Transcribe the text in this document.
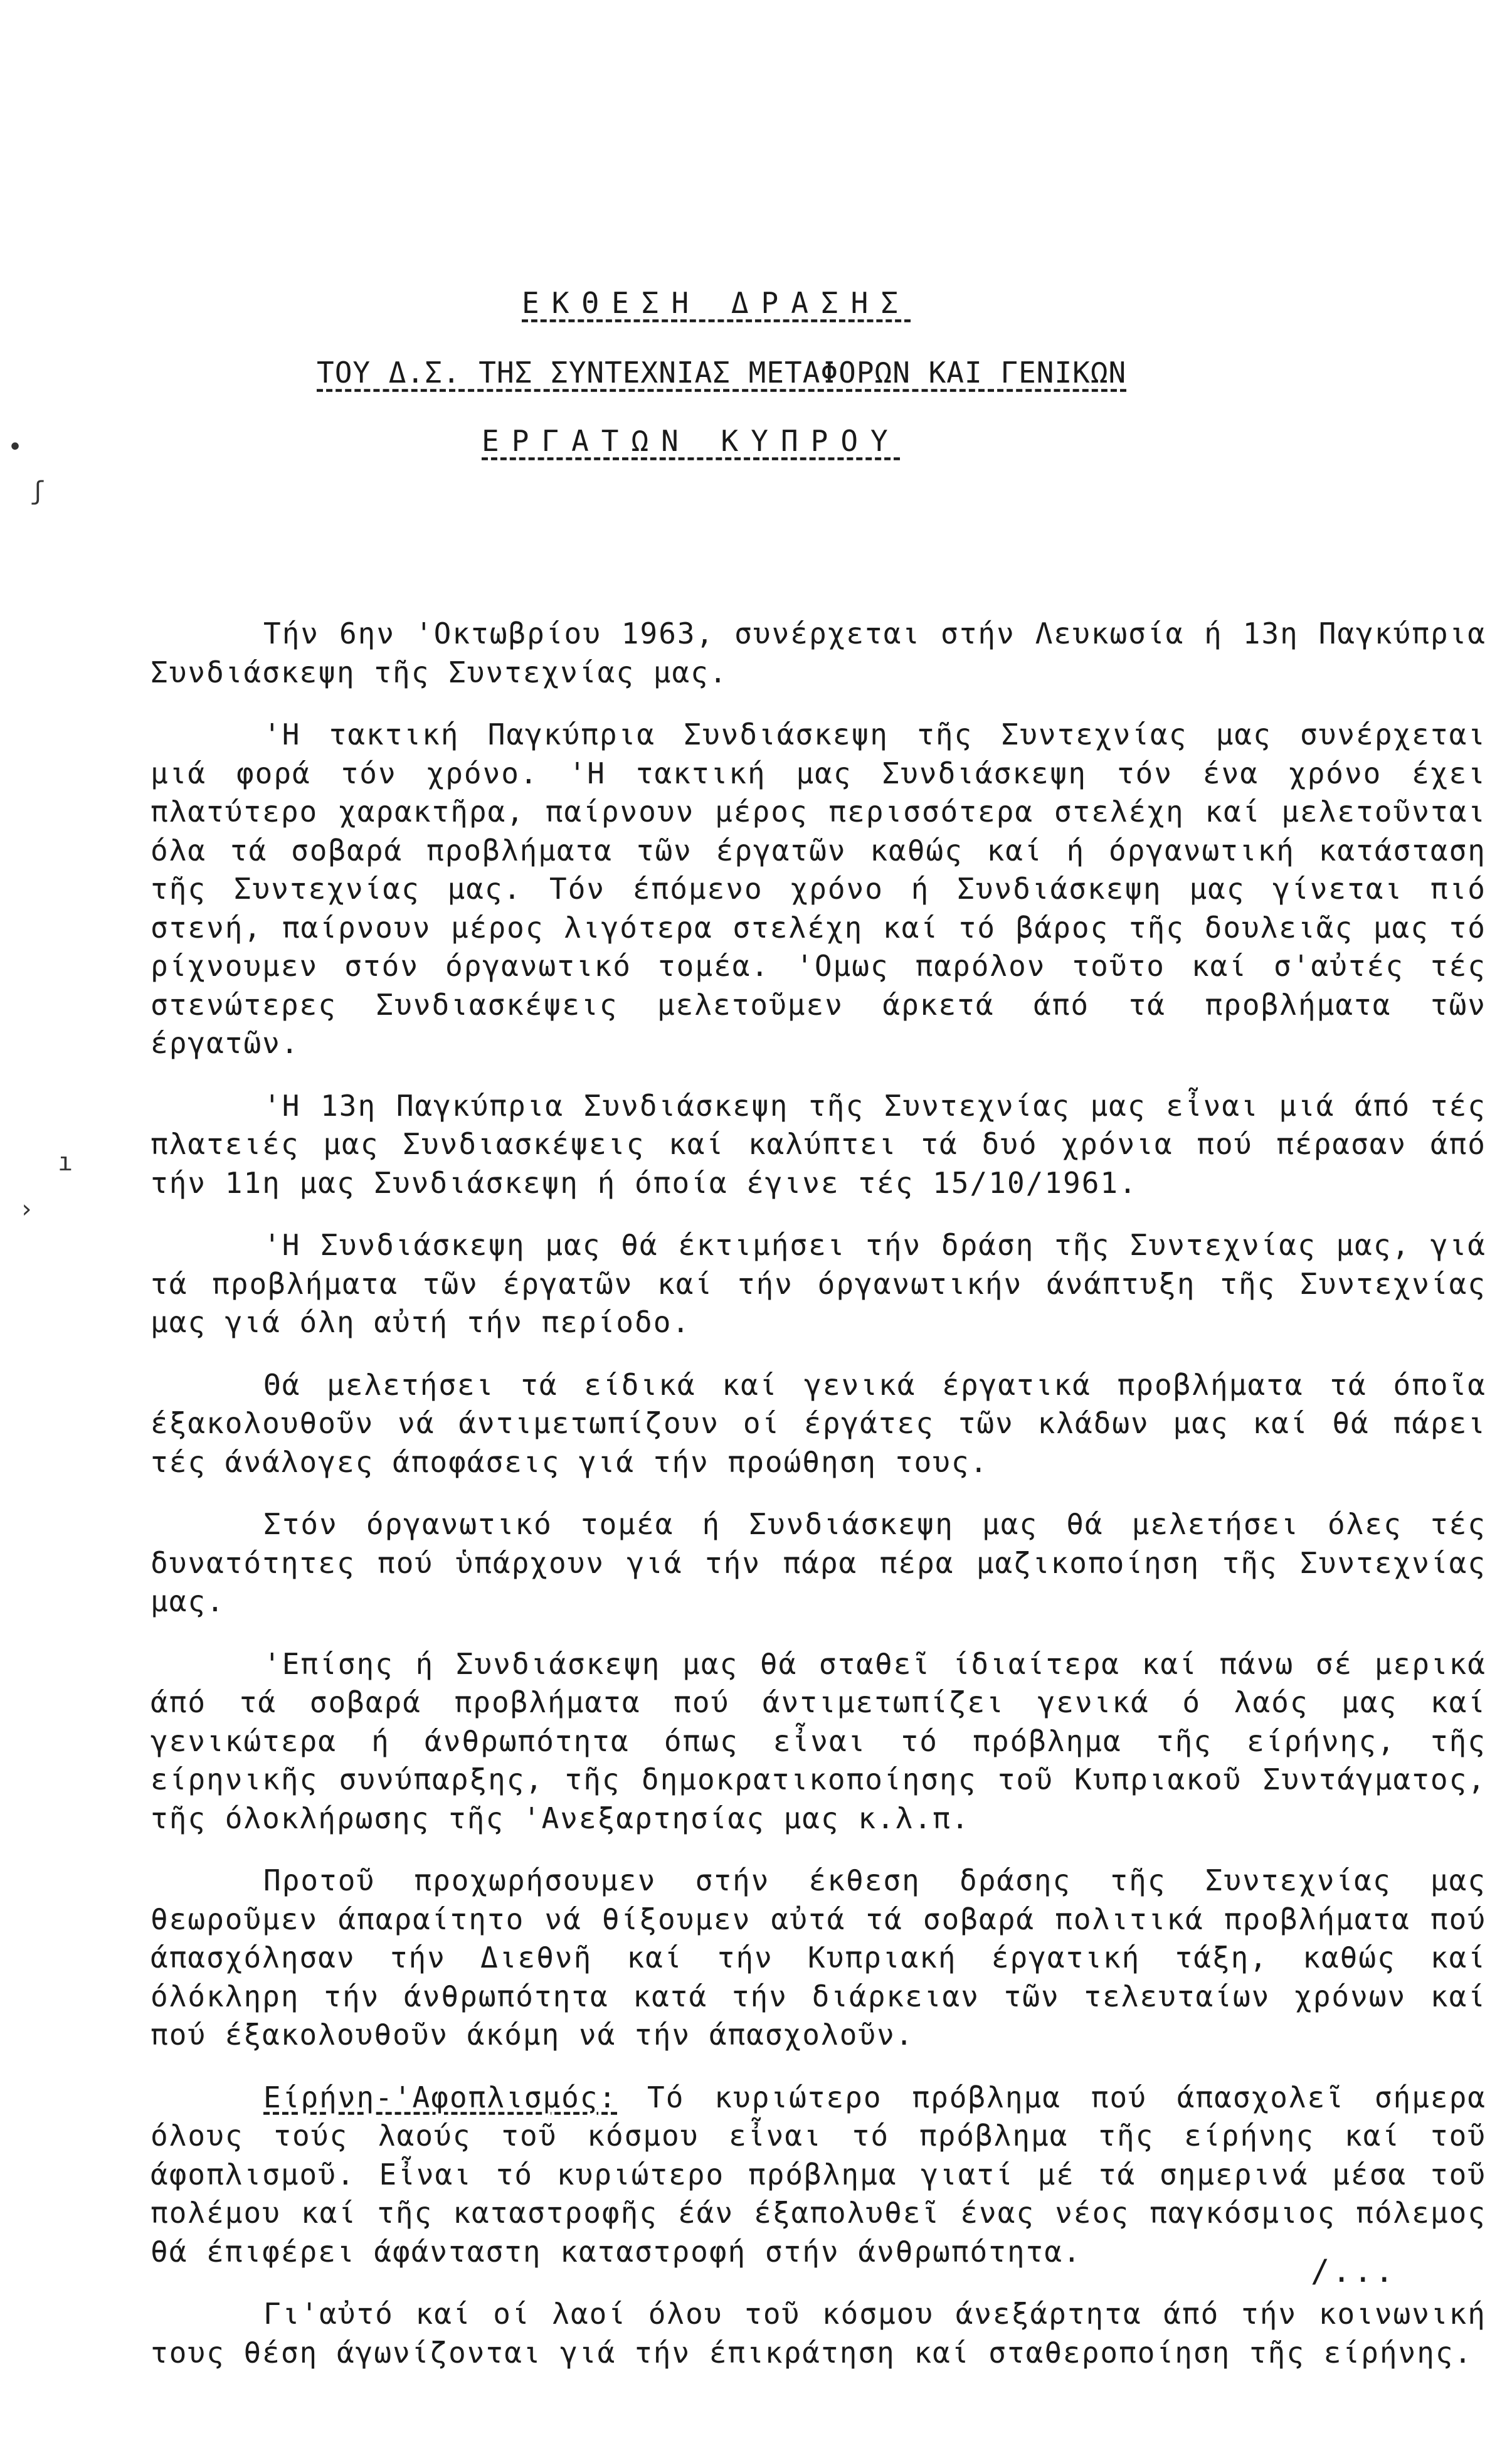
•
ʃ
ı
›
ΕΚΘΕΣΗ ΔΡΑΣΗΣ
ΤΟΥ Δ.Σ. ΤΗΣ ΣΥΝΤΕΧΝΙΑΣ ΜΕΤΑΦΟΡΩΝ ΚΑΙ ΓΕΝΙΚΩΝ
ΕΡΓΑΤΩΝ ΚΥΠΡΟΥ

Τήν 6ην 'Οκτωβρίου 1963, συνέρχεται στήν Λευκωσία ή 13η Παγκύπρια Συνδιάσκεψη τῆς Συντεχνίας μας.

'Η τακτική Παγκύπρια Συνδιάσκεψη τῆς Συντεχνίας μας συνέρχεται μιά φορά τόν χρόνο. 'Η τακτική μας Συνδιάσκεψη τόν ένα χρόνο έχει πλατύτερο χαρακτῆρα, παίρνουν μέρος περισσότερα στελέχη καί μελετοῦνται όλα τά σοβαρά προβλήματα τῶν έργατῶν καθώς καί ή όργανωτική κατάσταση τῆς Συντεχνίας μας. Τόν έπόμενο χρόνο ή Συνδιάσκεψη μας γίνεται πιό στενή, παίρνουν μέρος λιγότερα στελέχη καί τό βάρος τῆς δουλειᾶς μας τό ρίχνουμεν στόν όργανωτικό τομέα. 'Ομως παρόλον τοῦτο καί σ'αὐτές τές στενώτερες Συνδιασκέψεις μελετοῦμεν άρκετά άπό τά προβλήματα τῶν έργατῶν.

'Η 13η Παγκύπρια Συνδιάσκεψη τῆς Συντεχνίας μας εἶναι μιά άπό τές πλατειές μας Συνδιασκέψεις καί καλύπτει τά δυό χρόνια πού πέρασαν άπό τήν 11η μας Συνδιάσκεψη ή όποία έγινε τές 15/10/1961.

'Η Συνδιάσκεψη μας θά έκτιμήσει τήν δράση τῆς Συντεχνίας μας, γιά τά προβλήματα τῶν έργατῶν καί τήν όργανωτικήν άνάπτυξη τῆς Συντεχνίας μας γιά όλη αὐτή τήν περίοδο.

Θά μελετήσει τά είδικά καί γενικά έργατικά προβλήματα τά όποῖα έξακολουθοῦν νά άντιμετωπίζουν οί έργάτες τῶν κλάδων μας καί θά πάρει τές άνάλογες άποφάσεις γιά τήν προώθηση τους.

Στόν όργανωτικό τομέα ή Συνδιάσκεψη μας θά μελετήσει όλες τές δυνατότητες πού ὑπάρχουν γιά τήν πάρα πέρα μαζικοποίηση τῆς Συντεχνίας μας.

'Επίσης ή Συνδιάσκεψη μας θά σταθεῖ ίδιαίτερα καί πάνω σέ μερικά άπό τά σοβαρά προβλήματα πού άντιμετωπίζει γενικά ό λαός μας καί γενικώτερα ή άνθρωπότητα όπως εἶναι τό πρόβλημα τῆς είρήνης, τῆς είρηνικῆς συνύπαρξης, τῆς δημοκρατικοποίησης τοῦ Κυπριακοῦ Συντάγματος, τῆς όλοκλήρωσης τῆς 'Ανεξαρτησίας μας κ.λ.π.

Προτοῦ προχωρήσουμεν στήν έκθεση δράσης τῆς Συντεχνίας μας θεωροῦμεν άπαραίτητο νά θίξουμεν αὐτά τά σοβαρά πολιτικά προβλήματα πού άπασχόλησαν τήν Διεθνῆ καί τήν Κυπριακή έργατική τάξη, καθώς καί όλόκληρη τήν άνθρωπότητα κατά τήν διάρκειαν τῶν τελευταίων χρόνων καί πού έξακολουθοῦν άκόμη νά τήν άπασχολοῦν.

Είρήνη-'Αφοπλισμός: Τό κυριώτερο πρόβλημα πού άπασχολεῖ σήμερα όλους τούς λαούς τοῦ κόσμου εἶναι τό πρόβλημα τῆς είρήνης καί τοῦ άφοπλισμοῦ. Εἶναι τό κυριώτερο πρόβλημα γιατί μέ τά σημερινά μέσα τοῦ πολέμου καί τῆς καταστροφῆς έάν έξαπολυθεῖ ένας νέος παγκόσμιος πόλεμος θά έπιφέρει άφάνταστη καταστροφή στήν άνθρωπότητα.

Γι'αὐτό καί οί λαοί όλου τοῦ κόσμου άνεξάρτητα άπό τήν κοινωνική τους θέση άγωνίζονται γιά τήν έπικράτηση καί σταθεροποίηση τῆς είρήνης.

/...
